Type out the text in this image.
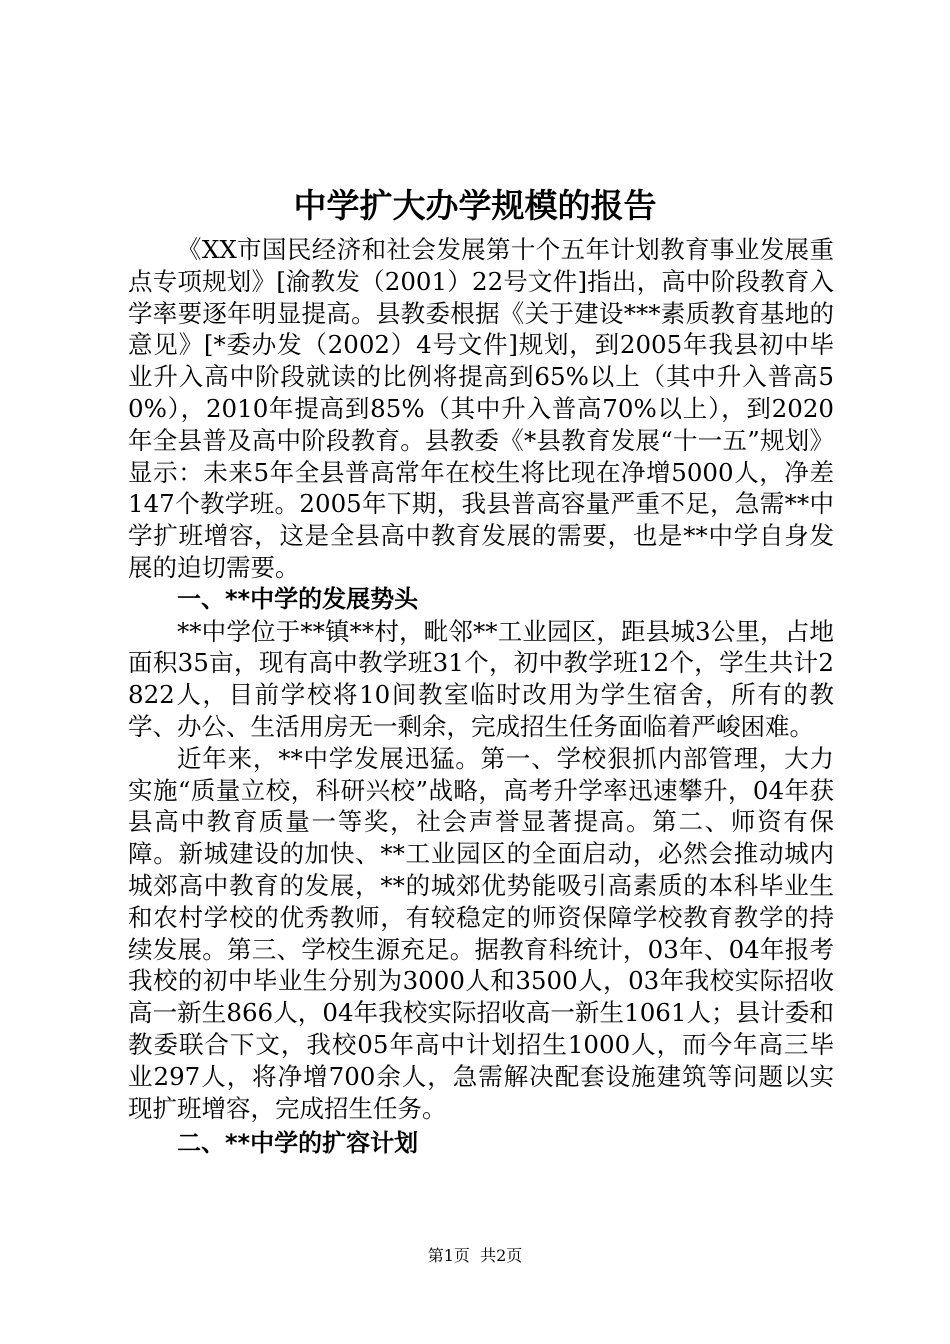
中学扩大办学规模的报告

《XX市国民经济和社会发展第十个五年计划教育事业发展重点专项规划》[渝教发（2001）22号文件]指出，高中阶段教育入学率要逐年明显提高。县教委根据《关于建设***素质教育基地的意见》[*委办发（2002）4号文件]规划，到2005年我县初中毕业升入高中阶段就读的比例将提高到65%以上（其中升入普高50%），2010年提高到85%（其中升入普高70%以上），到2020年全县普及高中阶段教育。县教委《*县教育发展“十一五”规划》显示：未来5年全县普高常年在校生将比现在净增5000人，净差147个教学班。2005年下期，我县普高容量严重不足，急需**中学扩班增容，这是全县高中教育发展的需要，也是**中学自身发展的迫切需要。

一、**中学的发展势头

**中学位于**镇**村，毗邻**工业园区，距县城3公里，占地面积35亩，现有高中教学班31个，初中教学班12个，学生共计2822人，目前学校将10间教室临时改用为学生宿舍，所有的教学、办公、生活用房无一剩余，完成招生任务面临着严峻困难。

近年来，**中学发展迅猛。第一、学校狠抓内部管理，大力实施“质量立校，科研兴校”战略，高考升学率迅速攀升，04年获县高中教育质量一等奖，社会声誉显著提高。第二、师资有保障。新城建设的加快、**工业园区的全面启动，必然会推动城内城郊高中教育的发展，**的城郊优势能吸引高素质的本科毕业生和农村学校的优秀教师，有较稳定的师资保障学校教育教学的持续发展。第三、学校生源充足。据教育科统计，03年、04年报考我校的初中毕业生分别为3000人和3500人，03年我校实际招收高一新生866人，04年我校实际招收高一新生1061人；县计委和教委联合下文，我校05年高中计划招生1000人，而今年高三毕业297人，将净增700余人，急需解决配套设施建筑等问题以实现扩班增容，完成招生任务。

二、**中学的扩容计划

第1页 共2页
